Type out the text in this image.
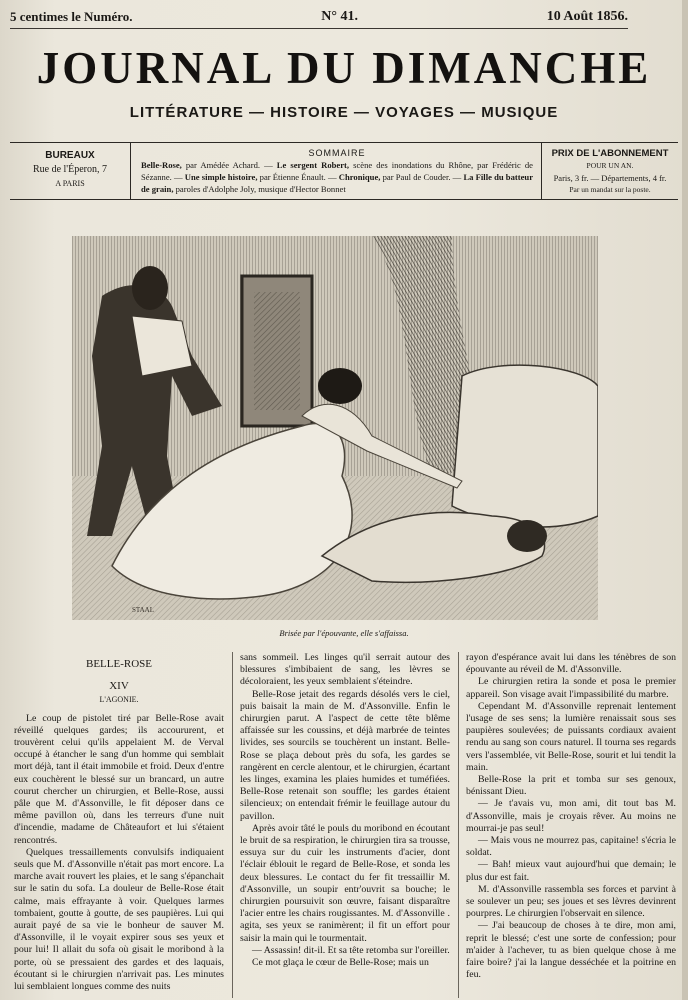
5 centimes le Numéro.	N° 41.	10 Août 1856.
JOURNAL DU DIMANCHE
LITTÉRATURE — HISTOIRE — VOYAGES — MUSIQUE
BUREAUX
Rue de l'Éperon, 7
A PARIS
SOMMAIRE
Belle-Rose, par Amédée Achard. — Le sergent Robert, scène des inondations du Rhône, par Frédéric de Sézanne. — Une simple histoire, par Étienne Énault. — Chronique, par Paul de Couder. — La Fille du batteur de grain, paroles d'Adolphe Joly, musique d'Hector Bonnet
PRIX DE L'ABONNEMENT
POUR UN AN.
Paris, 3 fr. — Départements, 4 fr.
Par un mandat sur la poste.
STAAL
Brisée par l'épouvante, elle s'affaissa.

BELLE-ROSE

XIV

L'AGONIE.

Le coup de pistolet tiré par Belle-Rose avait réveillé quelques gardes; ils accoururent, et trouvèrent celui qu'ils appelaient M. de Verval occupé à étancher le sang d'un homme qui semblait mort déjà, tant il était immobile et froid. Deux d'entre eux couchèrent le blessé sur un brancard, un autre courut chercher un chirurgien, et Belle-Rose, aussi pâle que M. d'Assonville, le fit déposer dans ce même pavillon où, dans les terreurs d'une nuit d'incendie, madame de Châteaufort et lui s'étaient rencontrés.

Quelques tressaillements convulsifs indiquaient seuls que M. d'Assonville n'était pas mort encore. La marche avait rouvert les plaies, et le sang s'épanchait sur le satin du sofa. La douleur de Belle-Rose était calme, mais effrayante à voir. Quelques larmes tombaient, goutte à goutte, de ses paupières. Lui qui aurait payé de sa vie le bonheur de sauver M. d'Assonville, il le voyait expirer sous ses yeux et pour lui! Il allait du sofa où gisait le moribond à la porte, où se pressaient des gardes et des laquais, écoutant si le chirurgien n'arrivait pas. Les minutes lui semblaient longues comme des nuits

sans sommeil. Les linges qu'il serrait autour des blessures s'imbibaient de sang, les lèvres se décoloraient, les yeux semblaient s'éteindre.

Belle-Rose jetait des regards désolés vers le ciel, puis baisait la main de M. d'Assonville. Enfin le chirurgien parut. A l'aspect de cette tête blême affaissée sur les coussins, et déjà marbrée de teintes livides, ses sourcils se touchèrent un instant. Belle-Rose se plaça debout près du sofa, les gardes se rangèrent en cercle alentour, et le chirurgien, écartant les linges, examina les plaies humides et tuméfiées. Belle-Rose retenait son souffle; les gardes étaient silencieux; on entendait frémir le feuillage autour du pavillon.

Après avoir tâté le pouls du moribond en écoutant le bruit de sa respiration, le chirurgien tira sa trousse, essuya sur du cuir les instruments d'acier, dont l'éclair éblouit le regard de Belle-Rose, et sonda les deux blessures. Le contact du fer fit tressaillir M. d'Assonville, un soupir entr'ouvrit sa bouche; le chirurgien poursuivit son œuvre, faisant disparaître l'acier entre les chairs rougissantes. M. d'Assonville . agita, ses yeux se ranimèrent; il fit un effort pour saisir la main qui le tourmentait.

— Assassin! dit-il. Et sa tête retomba sur l'oreiller.

Ce mot glaça le cœur de Belle-Rose; mais un

rayon d'espérance avait lui dans les ténèbres de son épouvante au réveil de M. d'Assonville.

Le chirurgien retira la sonde et posa le premier appareil. Son visage avait l'impassibilité du marbre.

Cependant M. d'Assonville reprenait lentement l'usage de ses sens; la lumière renaissait sous ses paupières soulevées; de puissants cordiaux avaient rendu au sang son cours naturel. Il tourna ses regards vers l'assemblée, vit Belle-Rose, sourit et lui tendit la main.

Belle-Rose la prit et tomba sur ses genoux, bénissant Dieu.

— Je t'avais vu, mon ami, dit tout bas M. d'Assonville, mais je croyais rêver. Au moins ne mourrai-je pas seul!

— Mais vous ne mourrez pas, capitaine! s'écria le soldat.

— Bah! mieux vaut aujourd'hui que demain; le plus dur est fait.

M. d'Assonville rassembla ses forces et parvint à se soulever un peu; ses joues et ses lèvres devinrent pourpres. Le chirurgien l'observait en silence.

— J'ai beaucoup de choses à te dire, mon ami, reprit le blessé; c'est une sorte de confession; pour m'aider à l'achever, tu as bien quelque chose à me faire boire? j'ai la langue desséchée et la poitrine en feu.
